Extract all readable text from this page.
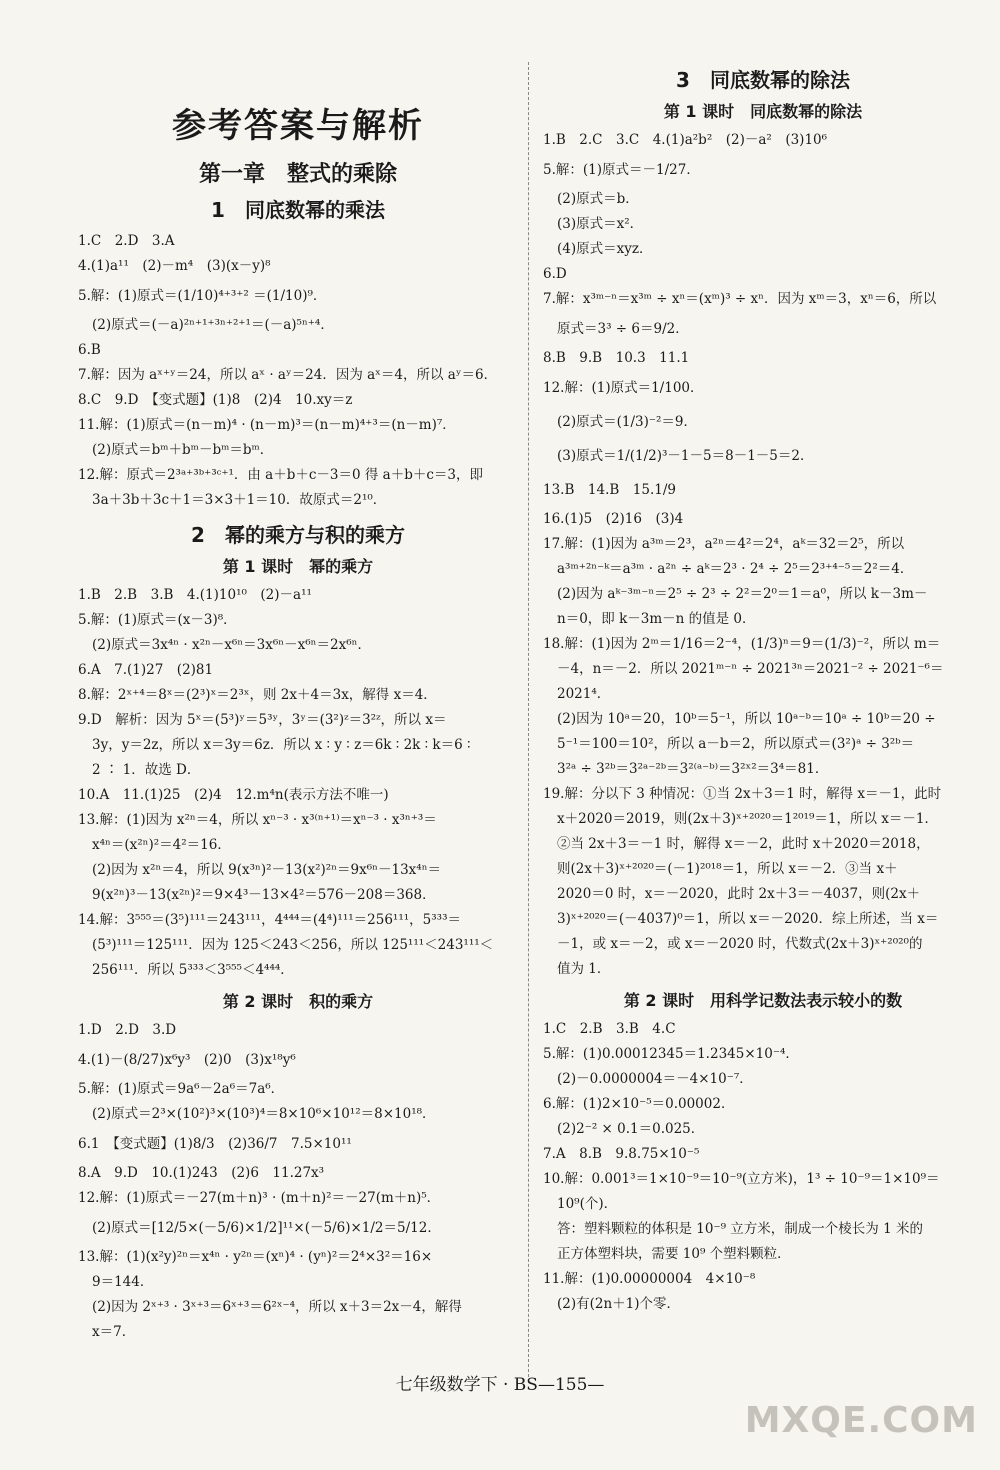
参考答案与解析
第一章　整式的乘除
1　同底数幂的乘法

1.C　2.D　3.A

4.(1)a¹¹　(2)－m⁴　(3)(x－y)⁸

5.解：(1)原式＝(1/10)⁴⁺³⁺² ＝(1/10)⁹．

(2)原式＝(－a)²ⁿ⁺¹⁺³ⁿ⁺²⁺¹＝(－a)⁵ⁿ⁺⁴．

6.B

7.解：因为 aˣ⁺ʸ＝24，所以 aˣ · aʸ＝24．因为 aˣ＝4，所以 aʸ＝6．

8.C　9.D　【变式题】(1)8　(2)4　10.xy＝z

11.解：(1)原式＝(n－m)⁴ · (n－m)³＝(n－m)⁴⁺³＝(n－m)⁷．

(2)原式＝bᵐ＋bᵐ－bᵐ＝bᵐ．

12.解：原式＝2³ᵃ⁺³ᵇ⁺³ᶜ⁺¹．由 a＋b＋c－3＝0 得 a＋b＋c＝3，即

3a＋3b＋3c＋1＝3×3＋1＝10．故原式＝2¹⁰．

2　幂的乘方与积的乘方
第 1 课时　幂的乘方

1.B　2.B　3.B　4.(1)10¹⁰　(2)－a¹¹

5.解：(1)原式＝(x－3)⁸．

(2)原式＝3x⁴ⁿ · x²ⁿ－x⁶ⁿ＝3x⁶ⁿ－x⁶ⁿ＝2x⁶ⁿ．

6.A　7.(1)27　(2)81

8.解：2ˣ⁺⁴＝8ˣ＝(2³)ˣ＝2³ˣ，则 2x＋4＝3x，解得 x＝4．

9.D　解析：因为 5ˣ＝(5³)ʸ＝5³ʸ，3ʸ＝(3²)ᶻ＝3²ᶻ，所以 x＝

3y，y＝2z，所以 x＝3y＝6z．所以 x ∶ y ∶ z＝6k ∶ 2k ∶ k＝6 ∶

2 ∶ 1．故选 D．

10.A　11.(1)25　(2)4　12.m⁴n(表示方法不唯一)

13.解：(1)因为 x²ⁿ＝4，所以 xⁿ⁻³ · x³⁽ⁿ⁺¹⁾＝xⁿ⁻³ · x³ⁿ⁺³＝

x⁴ⁿ＝(x²ⁿ)²＝4²＝16．

(2)因为 x²ⁿ＝4，所以 9(x³ⁿ)²－13(x²)²ⁿ＝9x⁶ⁿ－13x⁴ⁿ＝

9(x²ⁿ)³－13(x²ⁿ)²＝9×4³－13×4²＝576－208＝368．

14.解：3⁵⁵⁵＝(3⁵)¹¹¹＝243¹¹¹，4⁴⁴⁴＝(4⁴)¹¹¹＝256¹¹¹，5³³³＝

(5³)¹¹¹＝125¹¹¹．因为 125＜243＜256，所以 125¹¹¹＜243¹¹¹＜

256¹¹¹．所以 5³³³＜3⁵⁵⁵＜4⁴⁴⁴．

第 2 课时　积的乘方

1.D　2.D　3.D

4.(1)－(8/27)x⁶y³　(2)0　(3)x¹⁸y⁶

5.解：(1)原式＝9a⁶－2a⁶＝7a⁶．

(2)原式＝2³×(10²)³×(10³)⁴＝8×10⁶×10¹²＝8×10¹⁸．

6.1　【变式题】(1)8/3　(2)36/7　7.5×10¹¹

8.A　9.D　10.(1)243　(2)6　11.27x³

12.解：(1)原式＝－27(m＋n)³ · (m＋n)²＝－27(m＋n)⁵．

(2)原式＝[12/5×(－5/6)×1/2]¹¹×(－5/6)×1/2＝5/12．

13.解：(1)(x²y)²ⁿ＝x⁴ⁿ · y²ⁿ＝(xⁿ)⁴ · (yⁿ)²＝2⁴×3²＝16×

9＝144．

(2)因为 2ˣ⁺³ · 3ˣ⁺³＝6ˣ⁺³＝6²ˣ⁻⁴，所以 x＋3＝2x－4，解得

x＝7．

3　同底数幂的除法
第 1 课时　同底数幂的除法

1.B　2.C　3.C　4.(1)a²b²　(2)－a²　(3)10⁶

5.解：(1)原式＝－1/27．

(2)原式＝b．

(3)原式＝x²．

(4)原式＝xyz．

6.D

7.解：x³ᵐ⁻ⁿ＝x³ᵐ ÷ xⁿ＝(xᵐ)³ ÷ xⁿ．因为 xᵐ＝3，xⁿ＝6，所以

原式＝3³ ÷ 6＝9/2．

8.B　9.B　10.3　11.1

12.解：(1)原式＝1/100．

(2)原式＝(1/3)⁻²＝9．

(3)原式＝1/(1/2)³－1－5＝8－1－5＝2．

13.B　14.B　15.1/9

16.(1)5　(2)16　(3)4

17.解：(1)因为 a³ᵐ＝2³，a²ⁿ＝4²＝2⁴，aᵏ＝32＝2⁵，所以

a³ᵐ⁺²ⁿ⁻ᵏ＝a³ᵐ · a²ⁿ ÷ aᵏ＝2³ · 2⁴ ÷ 2⁵＝2³⁺⁴⁻⁵＝2²＝4．

(2)因为 aᵏ⁻³ᵐ⁻ⁿ＝2⁵ ÷ 2³ ÷ 2²＝2⁰＝1＝a⁰，所以 k－3m－

n＝0，即 k－3m－n 的值是 0．

18.解：(1)因为 2ᵐ＝1/16＝2⁻⁴，(1/3)ⁿ＝9＝(1/3)⁻²，所以 m＝

－4，n＝－2．所以 2021ᵐ⁻ⁿ ÷ 2021³ⁿ＝2021⁻² ÷ 2021⁻⁶＝

2021⁴．

(2)因为 10ᵃ＝20，10ᵇ＝5⁻¹，所以 10ᵃ⁻ᵇ＝10ᵃ ÷ 10ᵇ＝20 ÷

5⁻¹＝100＝10²，所以 a－b＝2，所以原式＝(3²)ᵃ ÷ 3²ᵇ＝

3²ᵃ ÷ 3²ᵇ＝3²ᵃ⁻²ᵇ＝3²⁽ᵃ⁻ᵇ⁾＝3²ˣ²＝3⁴＝81．

19.解：分以下 3 种情况：①当 2x＋3＝1 时，解得 x＝－1，此时

x＋2020＝2019，则(2x＋3)ˣ⁺²⁰²⁰＝1²⁰¹⁹＝1，所以 x＝－1．

②当 2x＋3＝－1 时，解得 x＝－2，此时 x＋2020＝2018，

则(2x＋3)ˣ⁺²⁰²⁰＝(－1)²⁰¹⁸＝1，所以 x＝－2．③当 x＋

2020＝0 时，x＝－2020，此时 2x＋3＝－4037，则(2x＋

3)ˣ⁺²⁰²⁰＝(－4037)⁰＝1，所以 x＝－2020．综上所述，当 x＝

－1，或 x＝－2，或 x＝－2020 时，代数式(2x＋3)ˣ⁺²⁰²⁰的

值为 1．

第 2 课时　用科学记数法表示较小的数

1.C　2.B　3.B　4.C

5.解：(1)0.00012345＝1.2345×10⁻⁴．

(2)－0.0000004＝－4×10⁻⁷．

6.解：(1)2×10⁻⁵＝0.00002．

(2)2⁻² × 0.1＝0.025．

7.A　8.B　9.8.75×10⁻⁵

10.解：0.001³＝1×10⁻⁹＝10⁻⁹(立方米)，1³ ÷ 10⁻⁹＝1×10⁹＝

10⁹(个)．

答：塑料颗粒的体积是 10⁻⁹ 立方米，制成一个棱长为 1 米的

正方体塑料块，需要 10⁹ 个塑料颗粒．

11.解：(1)0.00000004　4×10⁻⁸

(2)有(2n＋1)个零．

七年级数学下 · BS—155—
MXQE.COM
